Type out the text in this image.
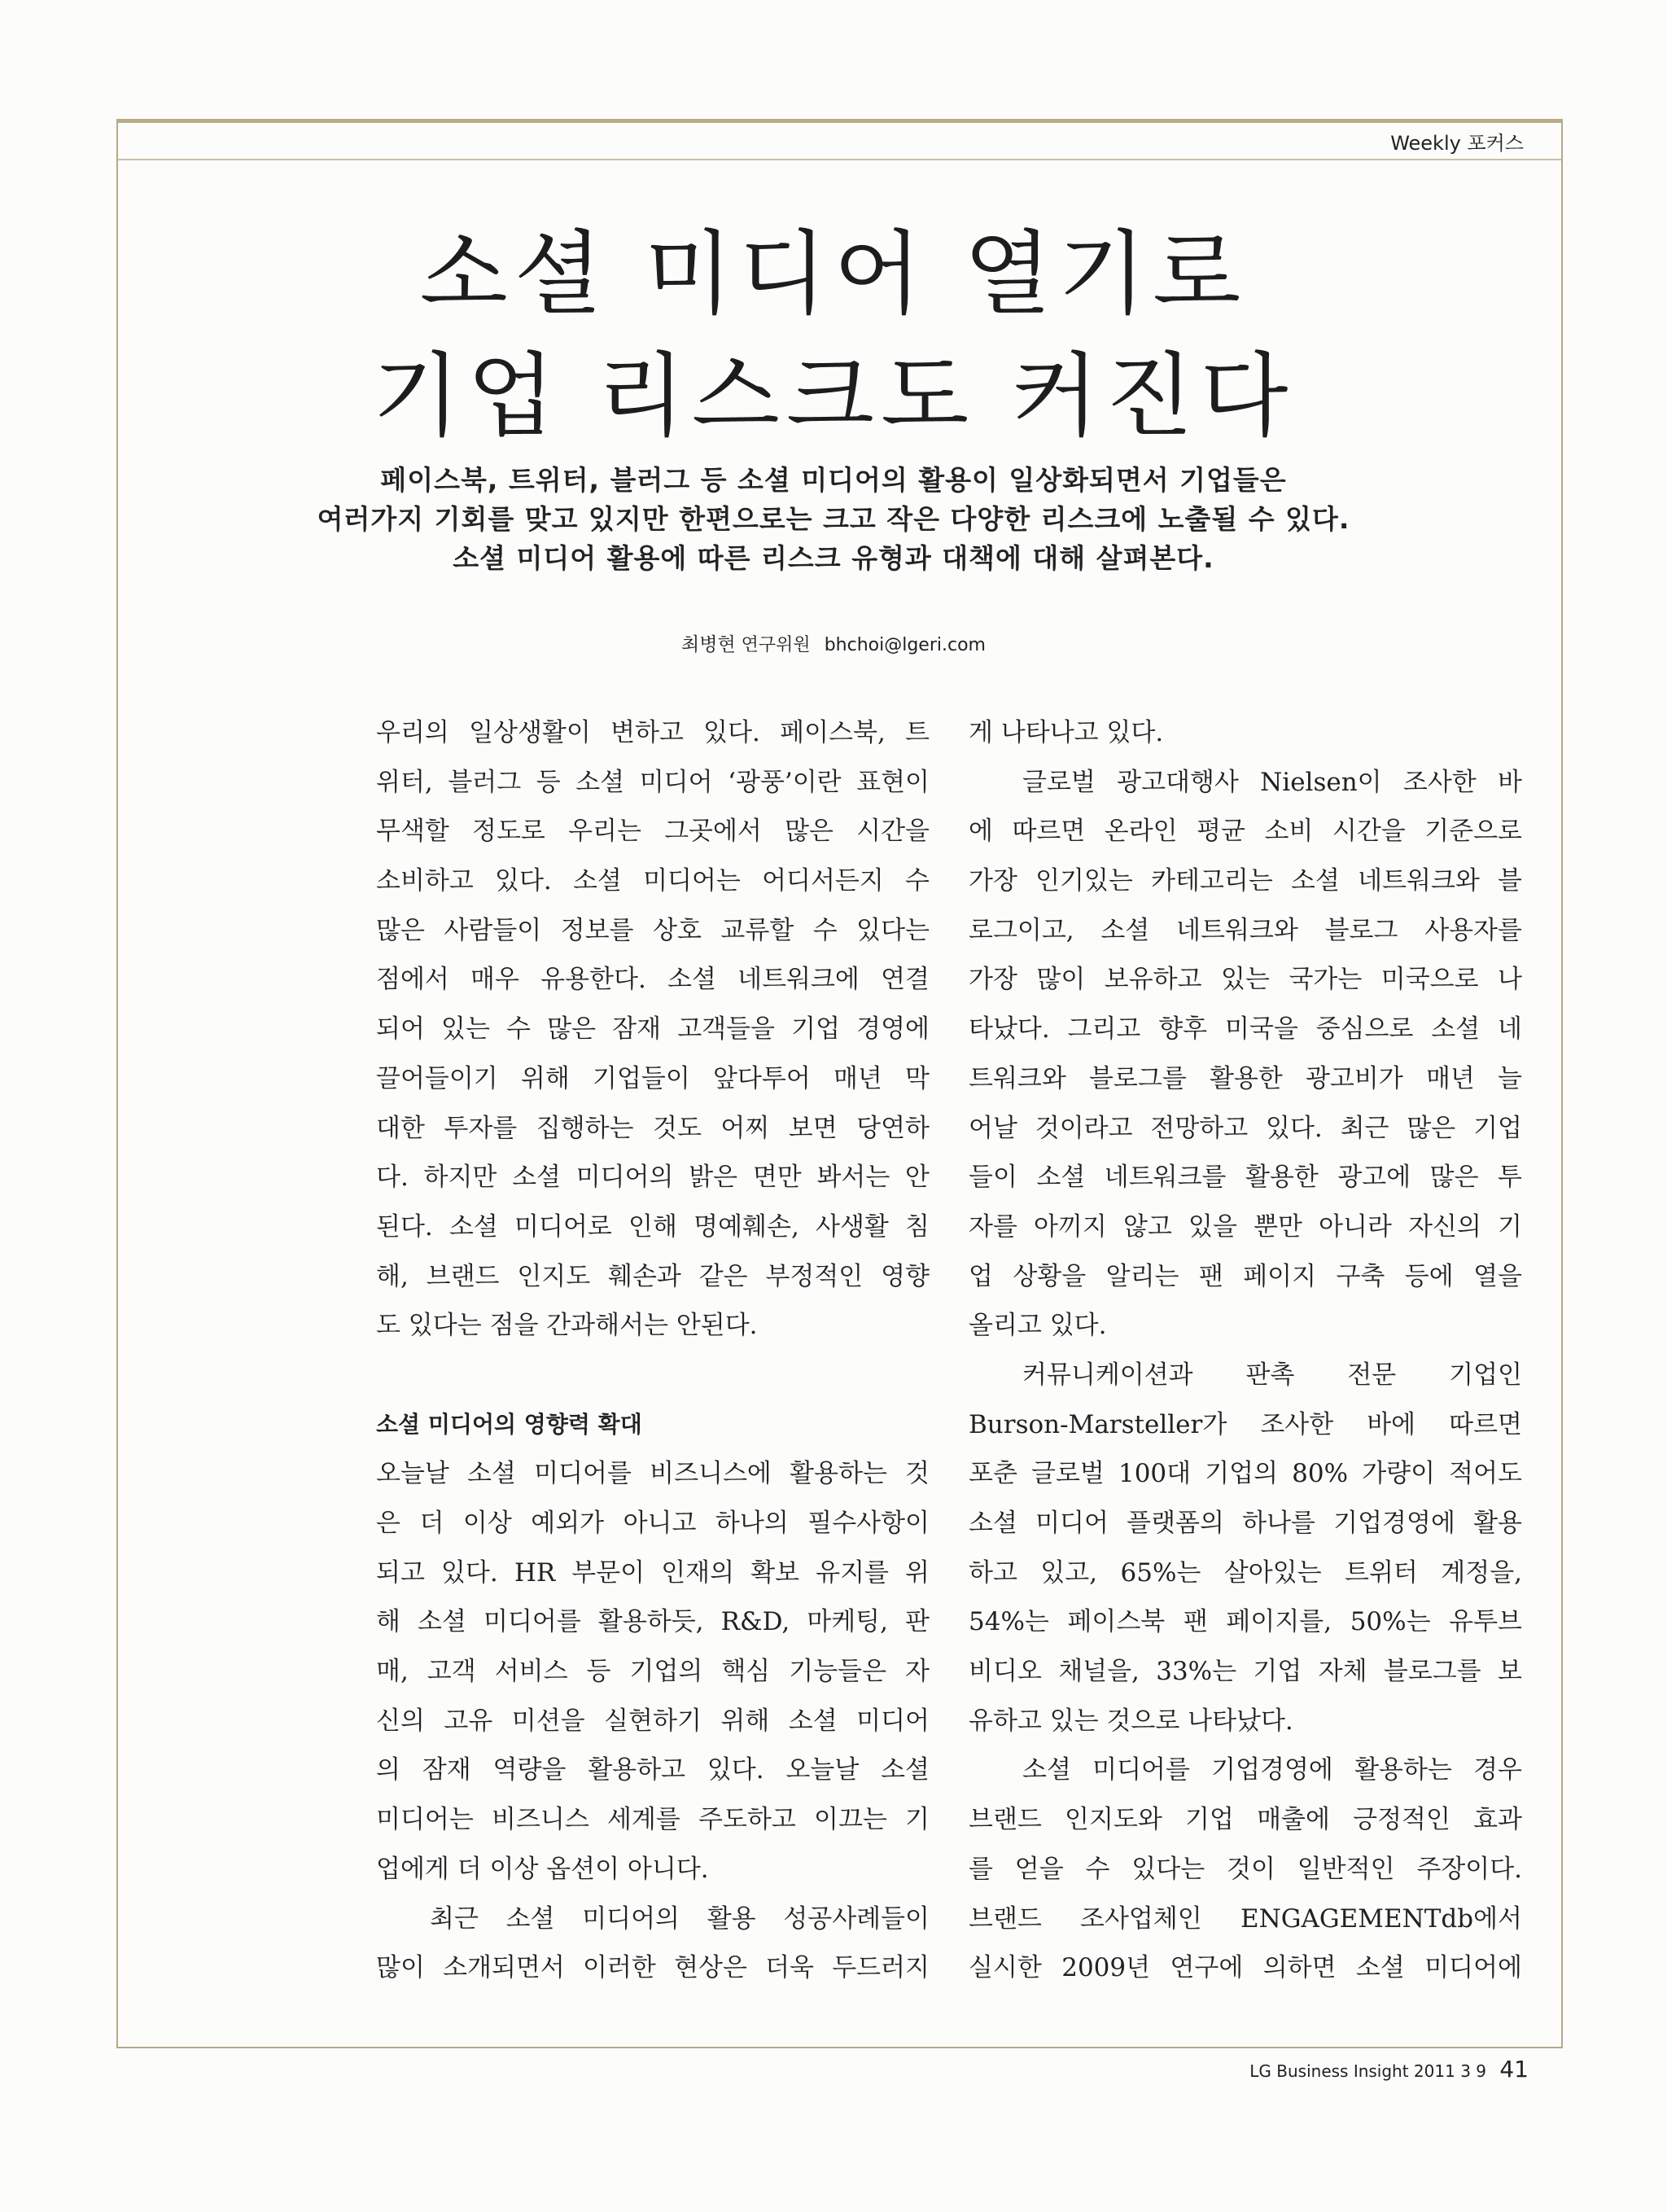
Weekly 포커스
소셜 미디어 열기로
기업 리스크도 커진다
페이스북, 트위터, 블러그 등 소셜 미디어의 활용이 일상화되면서 기업들은
여러가지 기회를 맞고 있지만 한편으로는 크고 작은 다양한 리스크에 노출될 수 있다.
소셜 미디어 활용에 따른 리스크 유형과 대책에 대해 살펴본다.
최병현 연구위원 bhchoi@lgeri.com
우리의 일상생활이 변하고 있다. 페이스북, 트
위터, 블러그 등 소셜 미디어 ‘광풍’이란 표현이
무색할 정도로 우리는 그곳에서 많은 시간을
소비하고 있다. 소셜 미디어는 어디서든지 수
많은 사람들이 정보를 상호 교류할 수 있다는
점에서 매우 유용한다. 소셜 네트워크에 연결
되어 있는 수 많은 잠재 고객들을 기업 경영에
끌어들이기 위해 기업들이 앞다투어 매년 막
대한 투자를 집행하는 것도 어찌 보면 당연하
다. 하지만 소셜 미디어의 밝은 면만 봐서는 안
된다. 소셜 미디어로 인해 명예훼손, 사생활 침
해, 브랜드 인지도 훼손과 같은 부정적인 영향
도 있다는 점을 간과해서는 안된다.
소셜 미디어의 영향력 확대
오늘날 소셜 미디어를 비즈니스에 활용하는 것
은 더 이상 예외가 아니고 하나의 필수사항이
되고 있다. HR 부문이 인재의 확보 유지를 위
해 소셜 미디어를 활용하듯, R&D, 마케팅, 판
매, 고객 서비스 등 기업의 핵심 기능들은 자
신의 고유 미션을 실현하기 위해 소셜 미디어
의 잠재 역량을 활용하고 있다. 오늘날 소셜
미디어는 비즈니스 세계를 주도하고 이끄는 기
업에게 더 이상 옵션이 아니다.
최근 소셜 미디어의 활용 성공사례들이
많이 소개되면서 이러한 현상은 더욱 두드러지
게 나타나고 있다.
글로벌 광고대행사 Nielsen이 조사한 바
에 따르면 온라인 평균 소비 시간을 기준으로
가장 인기있는 카테고리는 소셜 네트워크와 블
로그이고, 소셜 네트워크와 블로그 사용자를
가장 많이 보유하고 있는 국가는 미국으로 나
타났다. 그리고 향후 미국을 중심으로 소셜 네
트워크와 블로그를 활용한 광고비가 매년 늘
어날 것이라고 전망하고 있다. 최근 많은 기업
들이 소셜 네트워크를 활용한 광고에 많은 투
자를 아끼지 않고 있을 뿐만 아니라 자신의 기
업 상황을 알리는 팬 페이지 구축 등에 열을
올리고 있다.
커뮤니케이션과 판촉 전문 기업인
Burson-Marsteller가 조사한 바에 따르면
포춘 글로벌 100대 기업의 80% 가량이 적어도
소셜 미디어 플랫폼의 하나를 기업경영에 활용
하고 있고, 65%는 살아있는 트위터 계정을,
54%는 페이스북 팬 페이지를, 50%는 유투브
비디오 채널을, 33%는 기업 자체 블로그를 보
유하고 있는 것으로 나타났다.
소셜 미디어를 기업경영에 활용하는 경우
브랜드 인지도와 기업 매출에 긍정적인 효과
를 얻을 수 있다는 것이 일반적인 주장이다.
브랜드 조사업체인 ENGAGEMENTdb에서
실시한 2009년 연구에 의하면 소셜 미디어에
LG Business Insight 2011 3 9 41
